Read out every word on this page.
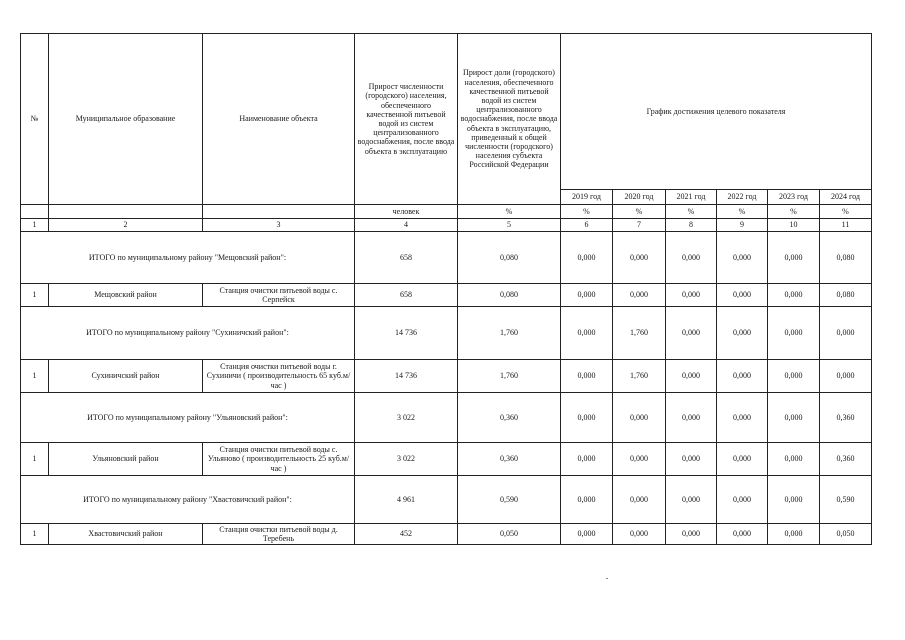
№	Муниципальное образование	Наименование объекта	Прирост численности (городского) населения, обеспеченного качественной питьевой водой из систем централизованного водоснабжения, после ввода объекта в эксплуатацию	Прирост доли (городского) населения, обеспеченного качественной питьевой водой из систем централизованного водоснабжения, после ввода объекта в эксплуатацию, приведенный к общей численности (городского) населения субъекта Российской Федерации	График достижения целевого показателя					
					2019 год	2020 год	2021 год	2022 год	2023 год	2024 год
			человек	%	%	%	%	%	%	%
1	2	3	4	5	6	7	8	9	10	11
ИТОГО по муниципальному району "Мещовский район":			658	0,080	0,000	0,000	0,000	0,000	0,000	0,080
1	Мещовский район	Станция очистки питьевой воды с. Серпейск	658	0,080	0,000	0,000	0,000	0,000	0,000	0,080
ИТОГО по муниципальному району "Сухиничский район":			14 736	1,760	0,000	1,760	0,000	0,000	0,000	0,000
1	Сухиничский район	Станция очистки питьевой воды г. Сухиничи ( производительность 65 куб.м/час )	14 736	1,760	0,000	1,760	0,000	0,000	0,000	0,000
ИТОГО по муниципальному району "Ульяновский район":			3 022	0,360	0,000	0,000	0,000	0,000	0,000	0,360
1	Ульяновский район	Станция очистки питьевой воды с. Ульяново ( производительность 25 куб.м/час )	3 022	0,360	0,000	0,000	0,000	0,000	0,000	0,360
ИТОГО по муниципальному району "Хвастовичский район":			4 961	0,590	0,000	0,000	0,000	0,000	0,000	0,590
1	Хвастовичский район	Станция очистки питьевой воды д. Теребень	452	0,050	0,000	0,000	0,000	0,000	0,000	0,050
